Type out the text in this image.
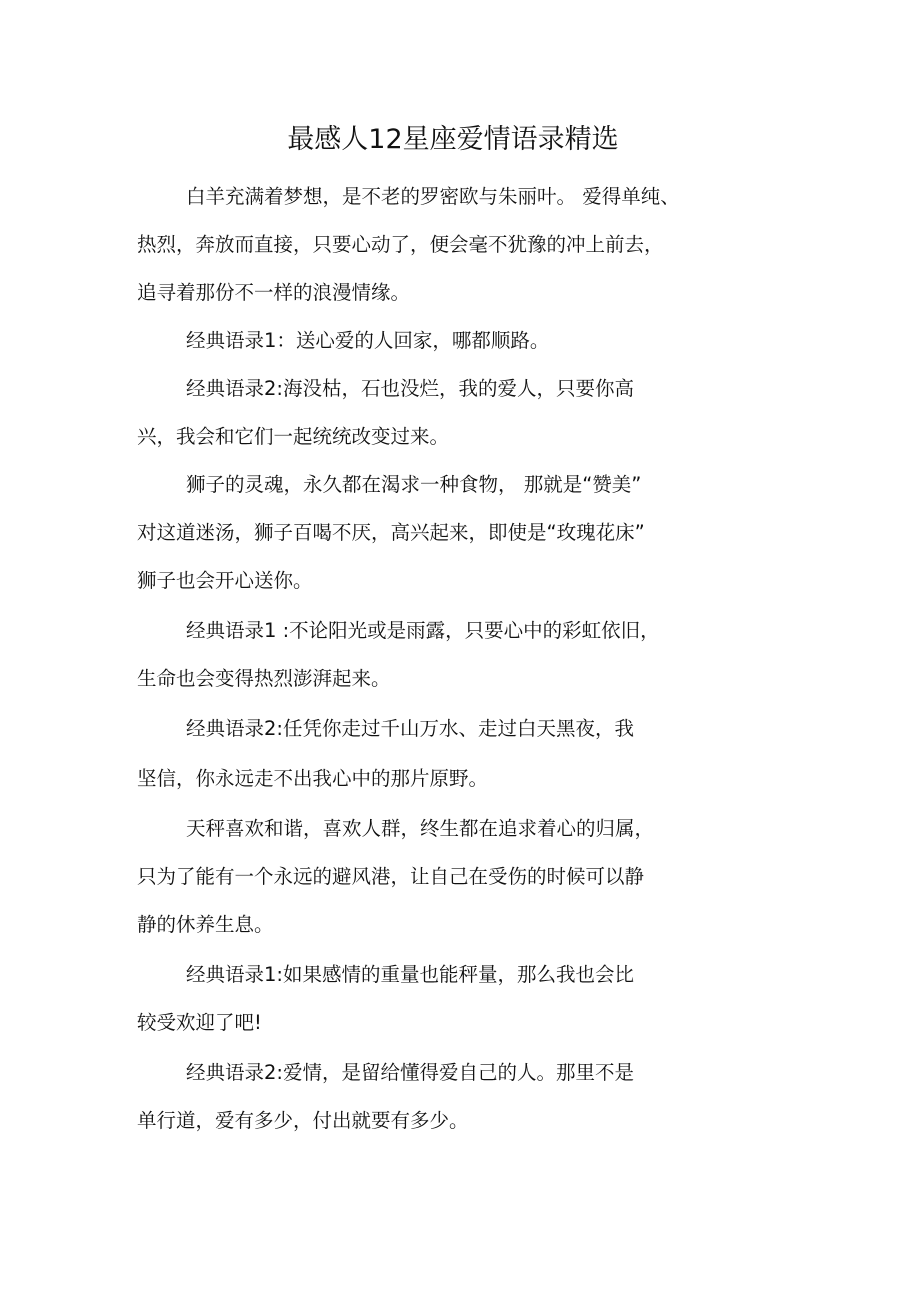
最感人12星座爱情语录精选

白羊充满着梦想，是不老的罗密欧与朱丽叶。 爱得单纯、

热烈，奔放而直接，只要心动了，便会毫不犹豫的冲上前去，

追寻着那份不一样的浪漫情缘。

经典语录1：送心爱的人回家，哪都顺路。

经典语录2:海没枯，石也没烂，我的爱人，只要你高

兴，我会和它们一起统统改变过来。

狮子的灵魂，永久都在渴求一种食物， 那就是“赞美”

对这道迷汤，狮子百喝不厌，高兴起来，即使是“玫瑰花床”

狮子也会开心送你。

经典语录1 :不论阳光或是雨露，只要心中的彩虹依旧，

生命也会变得热烈澎湃起来。

经典语录2:任凭你走过千山万水、走过白天黑夜，我

坚信，你永远走不出我心中的那片原野。

天秤喜欢和谐，喜欢人群，终生都在追求着心的归属，

只为了能有一个永远的避风港，让自己在受伤的时候可以静

静的休养生息。

经典语录1:如果感情的重量也能秤量，那么我也会比

较受欢迎了吧!

经典语录2:爱情，是留给懂得爱自己的人。那里不是

单行道，爱有多少，付出就要有多少。
